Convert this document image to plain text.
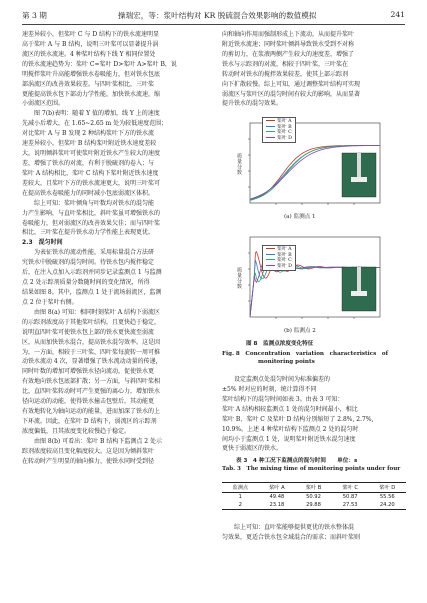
第 3 期	操瑞宏，等：浆叶结构对 KR 脱硫混合效果影响的数值模拟	241

速差异较小，但桨叶 C 与 D 结构下的铁水流速明显

高于桨叶 A 与 B 结构，说明三叶桨可以显著提升涡

流区的铁水流速。4 种桨叶结构下线 Y 相同位置处

的铁水流速趋势为：桨叶 C≈桨叶 D>桨叶 A>桨叶 B，说

明搅拌浆叶升高能增强铁水卷吸能力，但对铁水包底

部涡流区的改善效果较差。与四叶桨相比，三叶桨

更能提高铁水包下部动力学性能，加快铁水流速，缩

小弱流区范围。

　　图 7(b)表明：随着 Y 值的增加，线 Y 上的速度

先减小后增大，在 1.65~2.65 m 处为较低速度范围；

对比桨叶 A 与 B 发现 2 种结构浆叶下方的铁水流

速差异较小，但桨叶 B 结构浆叶附近铁水速度差较

大，说明倾斜浆叶可使浆叶附近铁水产生较大的速度

差，增强了铁水的对流，有利于脱硫剂的卷入；与

桨叶 A 结构相比，桨叶 C 结构下桨叶附近铁水速度

差较大，且桨叶下方的铁水流速更大，说明三叶桨可

在提高铁水卷吸能力的同时减小包底弱流区体积。

　　综上可知：桨叶倾角与叶数均对铁水的混匀能

力产生影响，与直叶桨相比，斜叶桨虽可增强铁水的

卷吸能力，但对弱流区的改善效果欠佳；而与四叶桨

相比，三叶桨在提升铁水动力学性能上表现更优。

2.3　混匀时间

　　为表征铁水的流动性能，采用标量混合方法研

究铁水中脱硫剂的混匀时间。待铁水包内搅拌稳定

后，在注入点加入示踪剂并同步记录监测点 1 与监测

点 2 处示踪剂质量分数随时间的变化情况，所得

结果如图 8。其中，监测点 1 处于流场弱流区，监测

点 2 位于桨叶右侧。

　　由图 8(a) 可知：相同时刻桨叶 A 结构下弱流区

的示踪剂浓度高于其他桨叶结构，且更快趋于稳定，

说明直四叶桨可使铁水包上部的铁水更快流至弱流

区，从而加快铁水混合，提高铁水混匀效率。这是因

为，一方面，相较于三叶桨，四叶桨每旋转一周可推

动铁水流动 4 次，显著增强了铁水流动动量的传递，

同时叶数的增加可增强铁水径向流动，促使铁水更

有效地向铁水包底部扩散；另一方面，与斜四叶桨相

比，直四叶桨转动时可产生更强的离心力，增加铁水

径向运动的动能，使得铁水撞击包壁后，其动能更

有效地转化为轴向运动的能量，进而加深了铁水的上

下环流。因此，在桨叶 D 结构下，弱流区的示踪剂

浓度偏低，且其浓度变化较慢趋于稳定。

　　由图 8(b) 可看出：桨叶 B 结构下监测点 2 处示

踪剂浓度较高且变化幅度较大。这是因为倾斜浆叶

在转动时产生明显的轴向推力，使铁水同时受到径

向和轴向作用而强制形成上下流动，从而提升桨叶

附近铁水流速；同时桨叶倾斜导致铁水受到不对称

的剪切力，在浆液两侧产生较大的速度差，增强了

铁水与示踪剂的对流，相较于四叶桨，三叶桨在

转动时对铁水的搅拌效果较差，使其上部示踪剂

向下扩散较慢。综上可知，通过调整桨叶结构可实现

弱流区与浆叶区的混匀时间有较大的影响，从而显著

提升铁水的混匀效果。

质量分数
桨叶 A
桨叶 B
桨叶 C
桨叶 D
(a) 监测点 1
质量分数
桨叶 A
桨叶 B
桨叶 C
桨叶 D
(b) 监测点 2
图 8　监测点浓度变化特征
Fig. 8　Concentration　variation　characteristics　of
monitoring points

　　设定监测点处混匀时间为标准偏差的

±5% 时对应的时刻，统计算得不同

桨叶结构下的混匀时间如表 3。由表 3 可知：

桨叶 A 结构相较监测点 1 处的混匀时间最小，相比

桨叶 B、桨叶 C 及桨叶 D 结构分别缩短了 2.8%, 2.7%,

10.9%。上述 4 种桨叶结构下监测点 2 处的混匀时

间均小于监测点 1 处，说明桨叶附近铁水混匀速度

更快于弱流区的铁水。

表 3　4 种工况下监测点的混匀时间　　单位：s
Tab. 3　The mixing time of monitoring points under four
监测点	桨叶 A	桨叶 B	桨叶 C	桨叶 D
1	49.48	50.92	50.87	55.56
2	23.18	29.88	27.53	24.20

　　综上可知：直叶桨能够提供更优的铁水整体混

匀效果，更适合铁水包全域混合的需求；而斜叶桨则
